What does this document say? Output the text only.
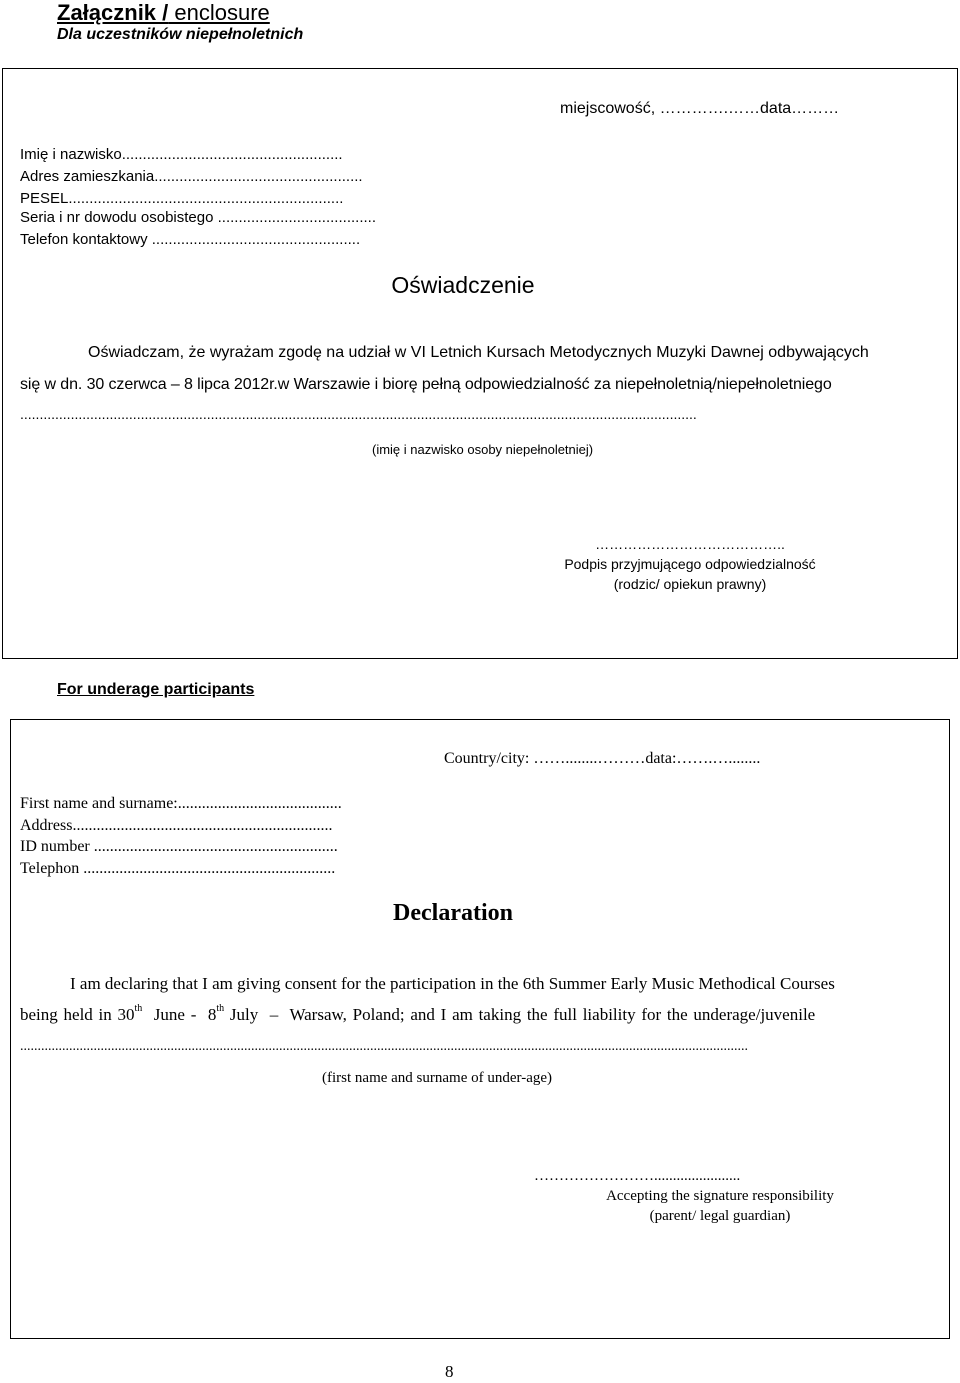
Załącznik / enclosure
Dla uczestników niepełnoletnich
miejscowość, ………….……data………
Imię i nazwisko.....................................................
Adres zamieszkania..................................................
PESEL..................................................................
Seria i nr dowodu osobistego ......................................
Telefon kontaktowy ..................................................
Oświadczenie
Oświadczam, że wyrażam zgodę na udział w VI Letnich Kursach Metodycznych Muzyki Dawnej odbywających
się w dn. 30 czerwca – 8 lipca 2012r.w Warszawie i biorę pełną odpowiedzialność za niepełnoletnią/niepełnoletniego
..............................................................................................................................................................................
(imię i nazwisko osoby niepełnoletniej)
…………………………………..
Podpis przyjmującego odpowiedzialność
(rodzic/ opiekun prawny)
For underage participants
Country/city: ……........………data:…….…........
First name and surname:.........................................
Address.................................................................
ID number .............................................................
Telephon ...............................................................
Declaration
I am declaring that I am giving consent for the participation in the 6th Summer Early Music Methodical Courses
being held in 30th  June -  8th July  –  Warsaw, Poland; and I am taking the full liability for the underage/juvenile
................................................................................................................................................................................................................
(first name and surname of under-age)
…………………….......................
Accepting the signature responsibility
(parent/ legal guardian)
8
